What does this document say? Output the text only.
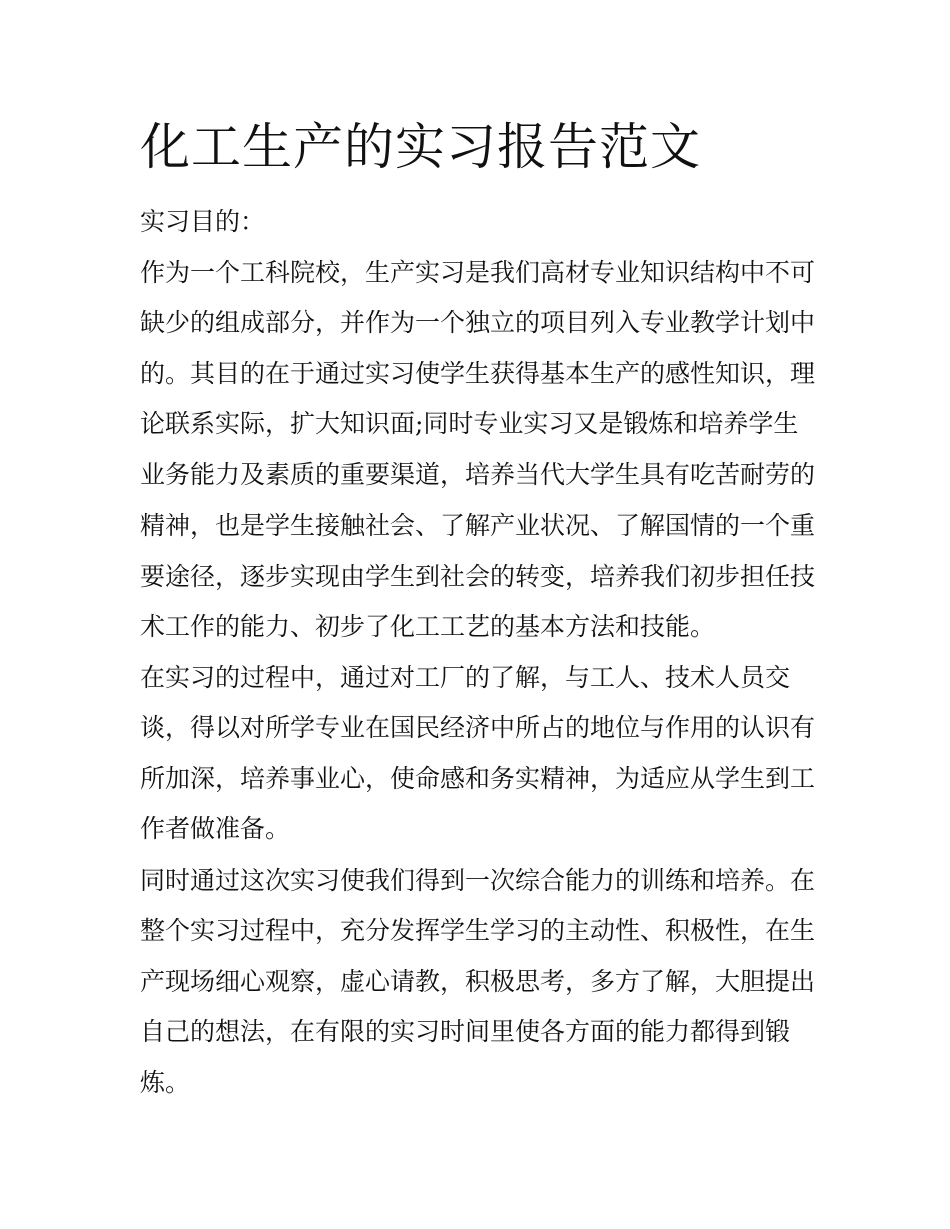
化工生产的实习报告范文

实习目的：

作为一个工科院校，生产实习是我们高材专业知识结构中不可

缺少的组成部分，并作为一个独立的项目列入专业教学计划中

的。其目的在于通过实习使学生获得基本生产的感性知识，理

论联系实际，扩大知识面;同时专业实习又是锻炼和培养学生

业务能力及素质的重要渠道，培养当代大学生具有吃苦耐劳的

精神，也是学生接触社会、了解产业状况、了解国情的一个重

要途径，逐步实现由学生到社会的转变，培养我们初步担任技

术工作的能力、初步了化工工艺的基本方法和技能。

在实习的过程中，通过对工厂的了解，与工人、技术人员交

谈，得以对所学专业在国民经济中所占的地位与作用的认识有

所加深，培养事业心，使命感和务实精神，为适应从学生到工

作者做准备。

同时通过这次实习使我们得到一次综合能力的训练和培养。在

整个实习过程中，充分发挥学生学习的主动性、积极性，在生

产现场细心观察，虚心请教，积极思考，多方了解，大胆提出

自己的想法，在有限的实习时间里使各方面的能力都得到锻

炼。
